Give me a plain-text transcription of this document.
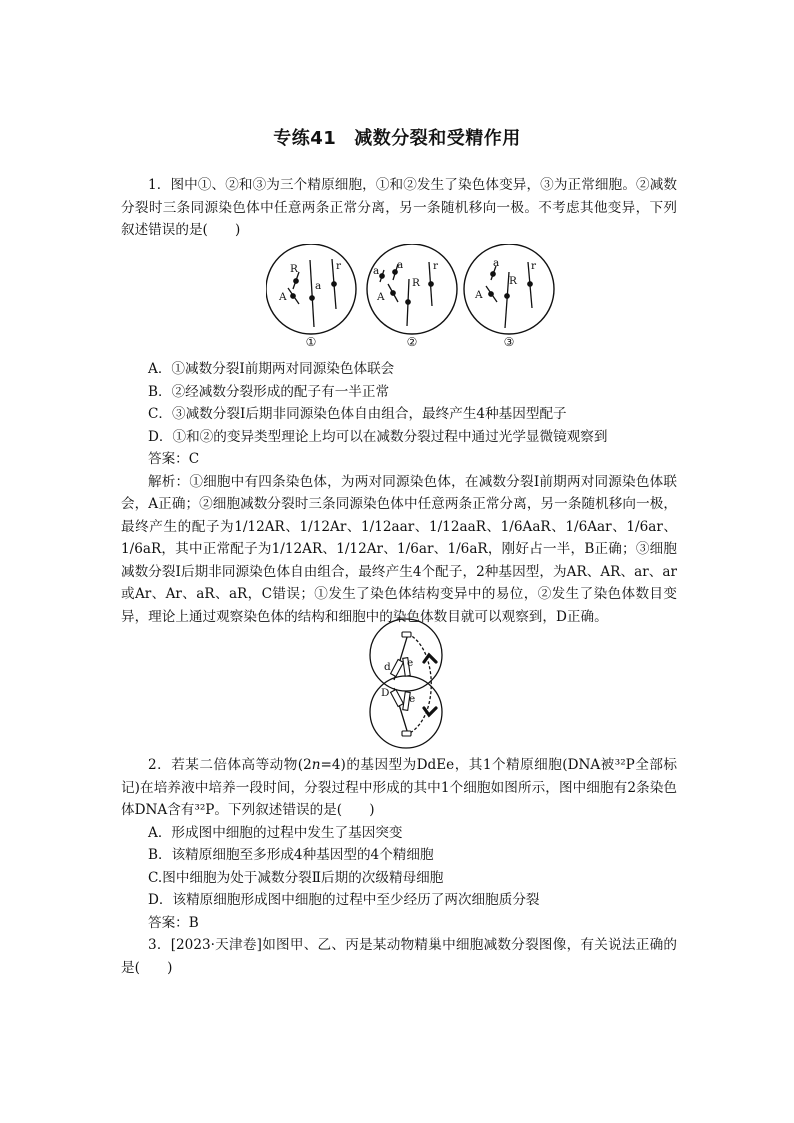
专练41 减数分裂和受精作用

1．图中①、②和③为三个精原细胞，①和②发生了染色体变异，③为正常细胞。②减数分裂时三条同源染色体中任意两条正常分离，另一条随机移向一极。不考虑其他变异，下列叙述错误的是(　　)

R	r
A
a
a a	r
R
A
a	r
R
A
①	②	③

A．①减数分裂Ⅰ前期两对同源染色体联会

B．②经减数分裂形成的配子有一半正常

C．③减数分裂Ⅰ后期非同源染色体自由组合，最终产生4种基因型配子

D．①和②的变异类型理论上均可以在减数分裂过程中通过光学显微镜观察到

答案：C

解析：①细胞中有四条染色体，为两对同源染色体，在减数分裂Ⅰ前期两对同源染色体联会，A正确；②细胞减数分裂时三条同源染色体中任意两条正常分离，另一条随机移向一极，最终产生的配子为1/12AR、1/12Ar、1/12aar、1/12aaR、1/6AaR、1/6Aar、1/6ar、1/6aR，其中正常配子为1/12AR、1/12Ar、1/6ar、1/6aR，刚好占一半，B正确；③细胞减数分裂Ⅰ后期非同源染色体自由组合，最终产生4个配子，2种基因型，为AR、AR、ar、ar或Ar、Ar、aR、aR，C错误；①发生了染色体结构变异中的易位，②发生了染色体数目变异，理论上通过观察染色体的结构和细胞中的染色体数目就可以观察到，D正确。

d e
D e

2．若某二倍体高等动物(2n=4)的基因型为DdEe，其1个精原细胞(DNA被³²P全部标记)在培养液中培养一段时间，分裂过程中形成的其中1个细胞如图所示，图中细胞有2条染色体DNA含有³²P。下列叙述错误的是(　　)

A．形成图中细胞的过程中发生了基因突变

B．该精原细胞至多形成4种基因型的4个精细胞

C.图中细胞为处于减数分裂Ⅱ后期的次级精母细胞

D．该精原细胞形成图中细胞的过程中至少经历了两次细胞质分裂

答案：B

3．[2023·天津卷]如图甲、乙、丙是某动物精巢中细胞减数分裂图像，有关说法正确的是(　　)
